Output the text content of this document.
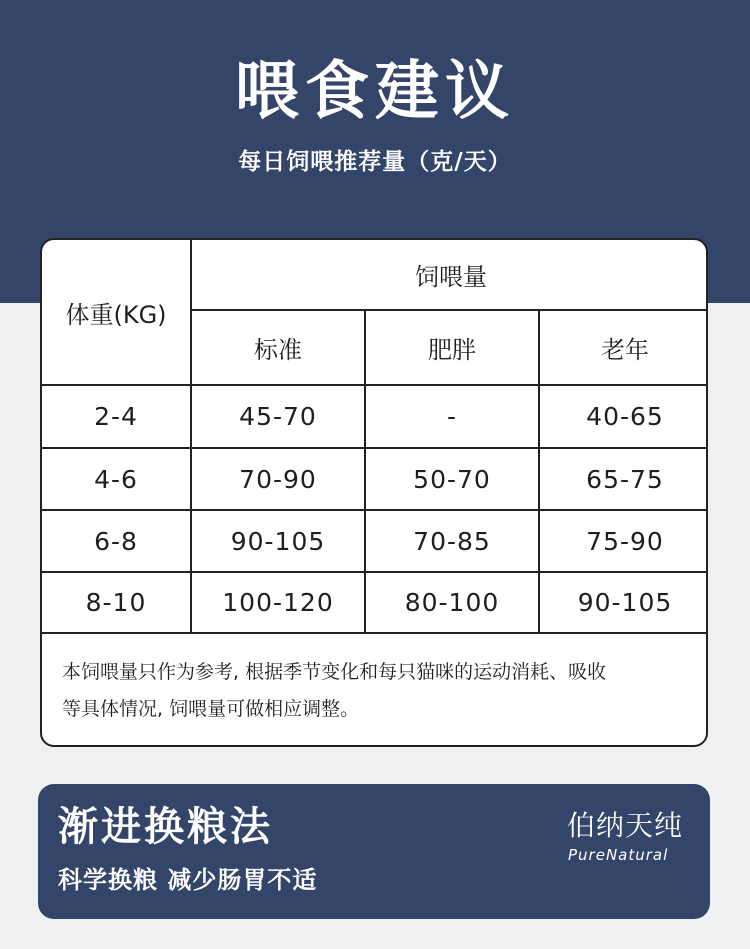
喂食建议
每日饲喂推荐量（克/天）
体重(KG)
饲喂量
标准	肥胖	老年
2-4	45-70	-	40-65
4-6	70-90	50-70	65-75
6-8	90-105	70-85	75-90
8-10	100-120	80-100	90-105
本饲喂量只作为参考, 根据季节变化和每只猫咪的运动消耗、吸收
等具体情况, 饲喂量可做相应调整。
渐进换粮法
科学换粮 减少肠胃不适
伯纳天纯
PureNatural
